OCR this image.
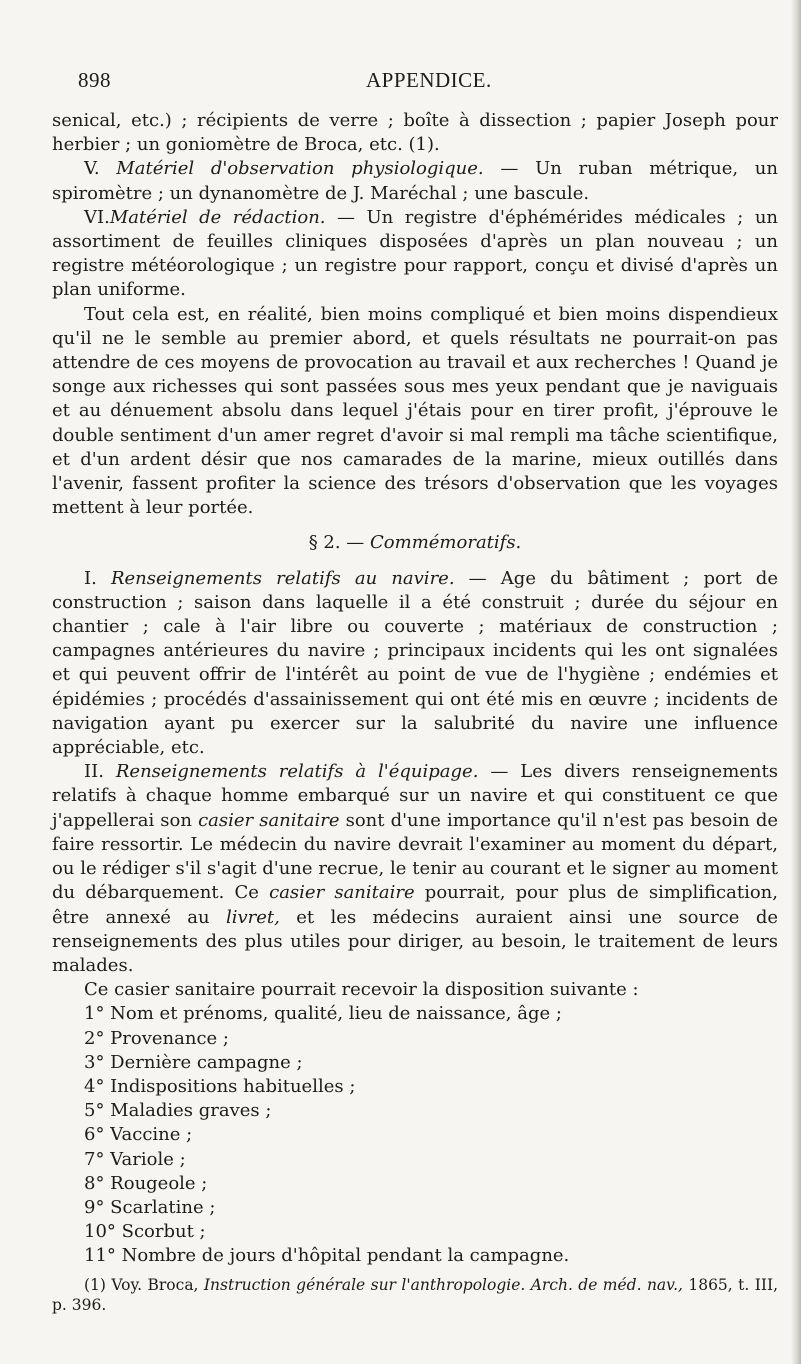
898	APPENDICE.

senical, etc.) ; récipients de verre ; boîte à dissection ; papier Joseph pour herbier ; un goniomètre de Broca, etc. (1).

V. Matériel d'observation physiologique. — Un ruban métrique, un spiromètre ; un dynanomètre de J. Maréchal ; une bascule.

VI.Matériel de rédaction. — Un registre d'éphémérides médicales ; un assortiment de feuilles cliniques disposées d'après un plan nouveau ; un registre météorologique ; un registre pour rapport, conçu et divisé d'après un plan uniforme.

Tout cela est, en réalité, bien moins compliqué et bien moins dispendieux qu'il ne le semble au premier abord, et quels résultats ne pourrait-on pas attendre de ces moyens de provocation au travail et aux recherches ! Quand je songe aux richesses qui sont passées sous mes yeux pendant que je naviguais et au dénuement absolu dans lequel j'étais pour en tirer profit, j'éprouve le double sentiment d'un amer regret d'avoir si mal rempli ma tâche scientifique, et d'un ardent désir que nos camarades de la marine, mieux outillés dans l'avenir, fassent profiter la science des trésors d'observation que les voyages mettent à leur portée.

§ 2. — Commémoratifs.

I. Renseignements relatifs au navire. — Age du bâtiment ; port de construction ; saison dans laquelle il a été construit ; durée du séjour en chantier ; cale à l'air libre ou couverte ; matériaux de construction ; campagnes antérieures du navire ; principaux incidents qui les ont signalées et qui peuvent offrir de l'intérêt au point de vue de l'hygiène ; endémies et épidémies ; procédés d'assainissement qui ont été mis en œuvre ; incidents de navigation ayant pu exercer sur la salubrité du navire une influence appréciable, etc.

II. Renseignements relatifs à l'équipage. — Les divers renseignements relatifs à chaque homme embarqué sur un navire et qui constituent ce que j'appellerai son casier sanitaire sont d'une importance qu'il n'est pas besoin de faire ressortir. Le médecin du navire devrait l'examiner au moment du départ, ou le rédiger s'il s'agit d'une recrue, le tenir au courant et le signer au moment du débarquement. Ce casier sanitaire pourrait, pour plus de simplification, être annexé au livret, et les médecins auraient ainsi une source de renseignements des plus utiles pour diriger, au besoin, le traitement de leurs malades.

Ce casier sanitaire pourrait recevoir la disposition suivante :

1° Nom et prénoms, qualité, lieu de naissance, âge ;
2° Provenance ;
3° Dernière campagne ;
4° Indispositions habituelles ;
5° Maladies graves ;
6° Vaccine ;
7° Variole ;
8° Rougeole ;
9° Scarlatine ;
10° Scorbut ;
11° Nombre de jours d'hôpital pendant la campagne.
(1) Voy. Broca, Instruction générale sur l'anthropologie. Arch. de méd. nav., 1865, t. III, p. 396.
